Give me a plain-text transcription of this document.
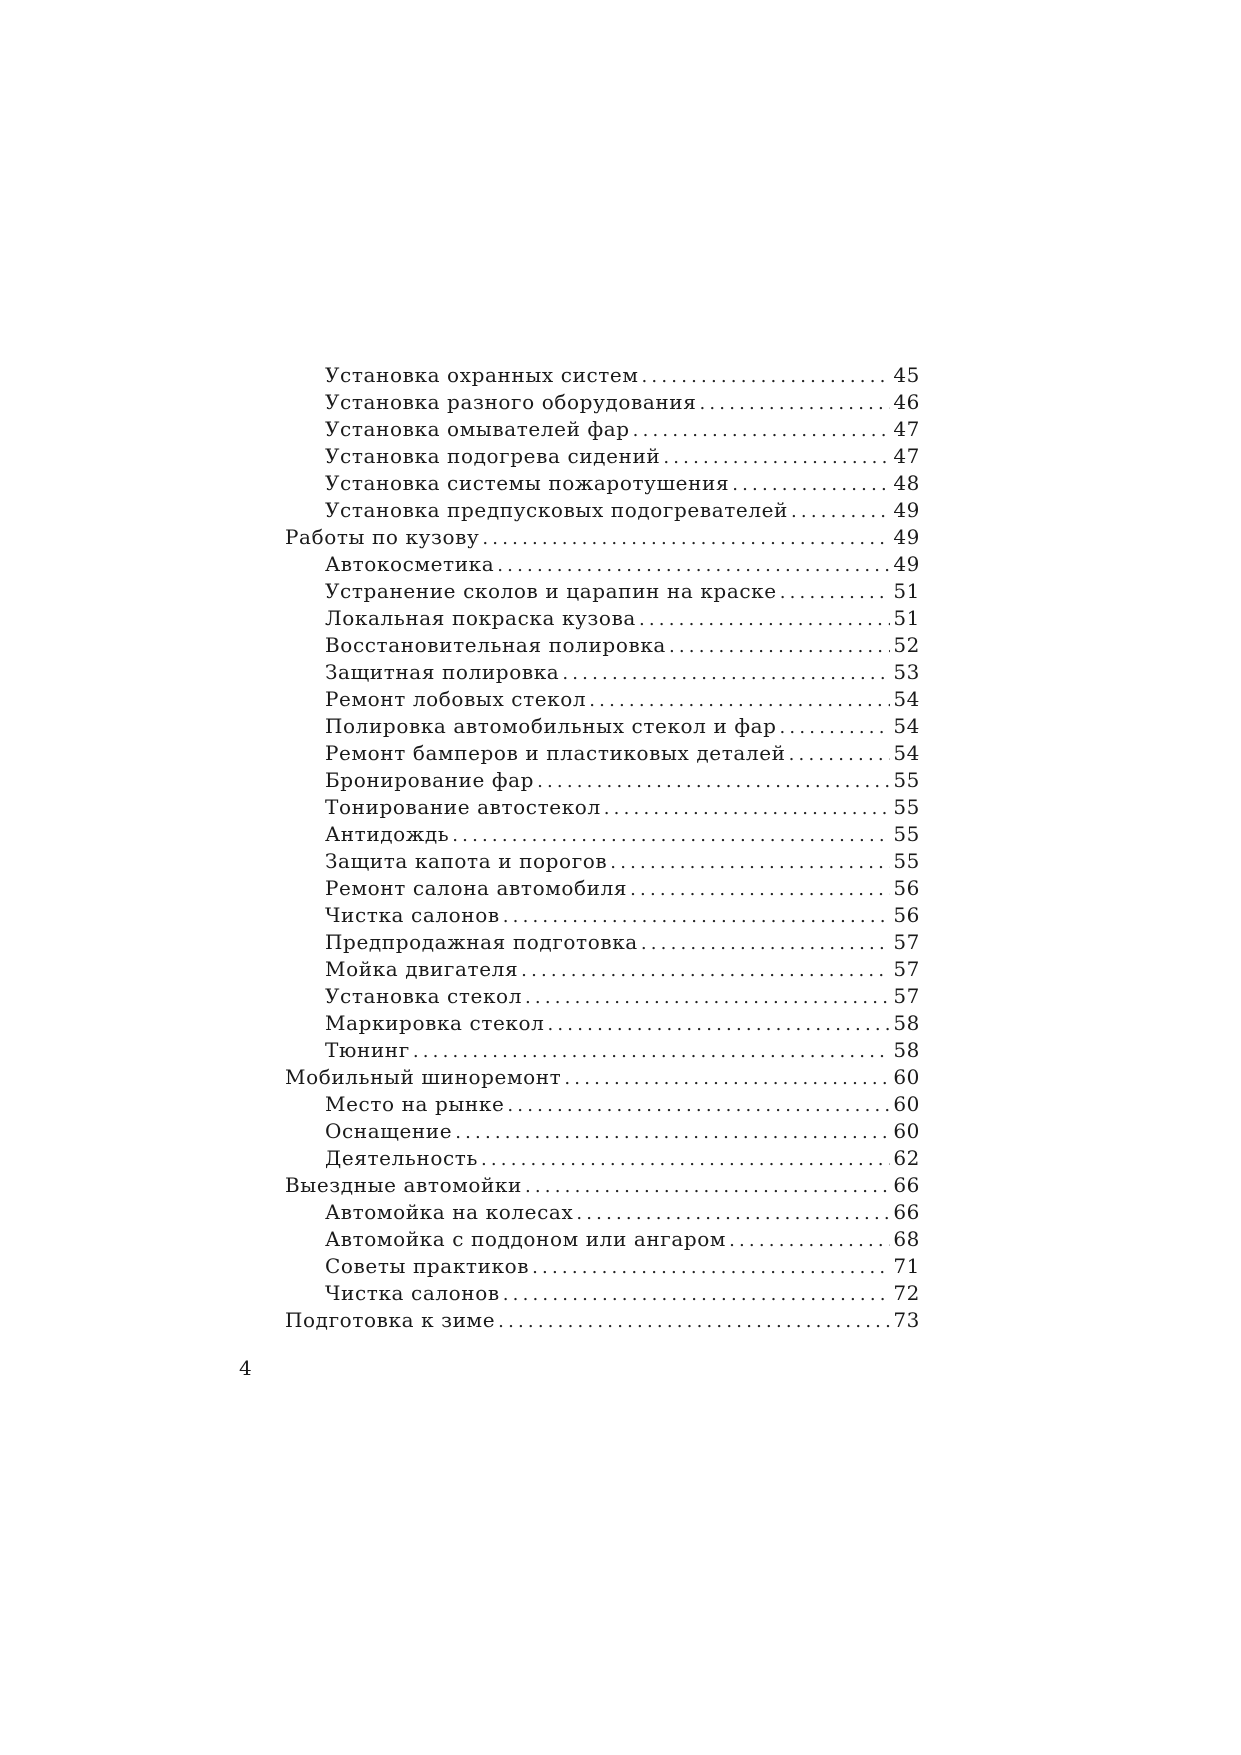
Установка охранных систем .....	45
Установка разного оборудования .....	46
Установка омывателей фар .....	47
Установка подогрева сидений .....	47
Установка системы пожаротушения .....	48
Установка предпусковых подогревателей .....	49
Работы по кузову .....	49
Автокосметика .....	49
Устранение сколов и царапин на краске .....	51
Локальная покраска кузова .....	51
Восстановительная полировка .....	52
Защитная полировка .....	53
Ремонт лобовых стекол .....	54
Полировка автомобильных стекол и фар .....	54
Ремонт бамперов и пластиковых деталей .....	54
Бронирование фар .....	55
Тонирование автостекол .....	55
Антидождь .....	55
Защита капота и порогов .....	55
Ремонт салона автомобиля .....	56
Чистка салонов .....	56
Предпродажная подготовка .....	57
Мойка двигателя .....	57
Установка стекол .....	57
Маркировка стекол .....	58
Тюнинг .....	58
Мобильный шиноремонт .....	60
Место на рынке .....	60
Оснащение .....	60
Деятельность .....	62
Выездные автомойки .....	66
Автомойка на колесах .....	66
Автомойка с поддоном или ангаром .....	68
Советы практиков .....	71
Чистка салонов .....	72
Подготовка к зиме .....	73
4
